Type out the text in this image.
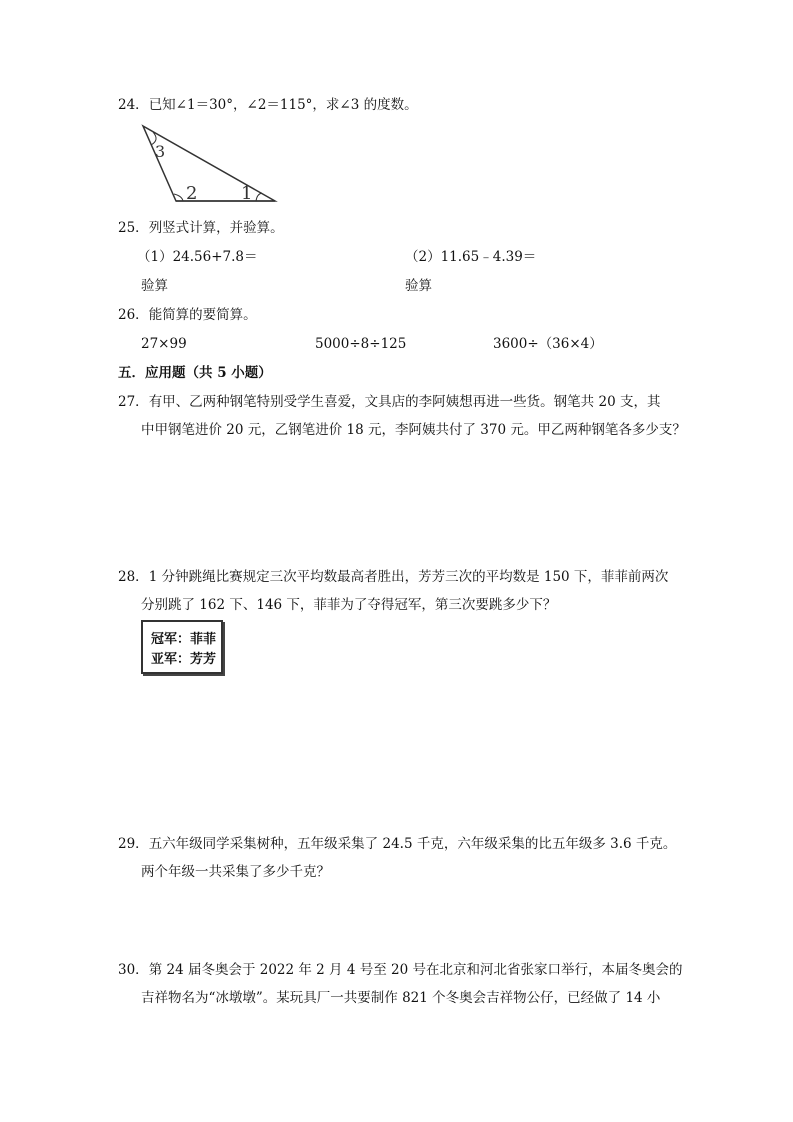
24．已知∠1＝30°，∠2＝115°，求∠3 的度数。
3
2 1
25．列竖式计算，并验算。
（1）24.56+7.8＝	（2）11.65﹣4.39＝
验算	验算
26．能简算的要简算。
27×99	5000÷8÷125	3600÷（36×4）
五．应用题（共 5 小题）
27．有甲、乙两种钢笔特别受学生喜爱，文具店的李阿姨想再进一些货。钢笔共 20 支，其
中甲钢笔进价 20 元，乙钢笔进价 18 元，李阿姨共付了 370 元。甲乙两种钢笔各多少支？
28．1 分钟跳绳比赛规定三次平均数最高者胜出，芳芳三次的平均数是 150 下，菲菲前两次
分别跳了 162 下、146 下，菲菲为了夺得冠军，第三次要跳多少下？
冠军：菲菲
亚军：芳芳
29．五六年级同学采集树种，五年级采集了 24.5 千克，六年级采集的比五年级多 3.6 千克。
两个年级一共采集了多少千克？
30．第 24 届冬奥会于 2022 年 2 月 4 号至 20 号在北京和河北省张家口举行，本届冬奥会的
吉祥物名为“冰墩墩”。某玩具厂一共要制作 821 个冬奥会吉祥物公仔，已经做了 14 小
